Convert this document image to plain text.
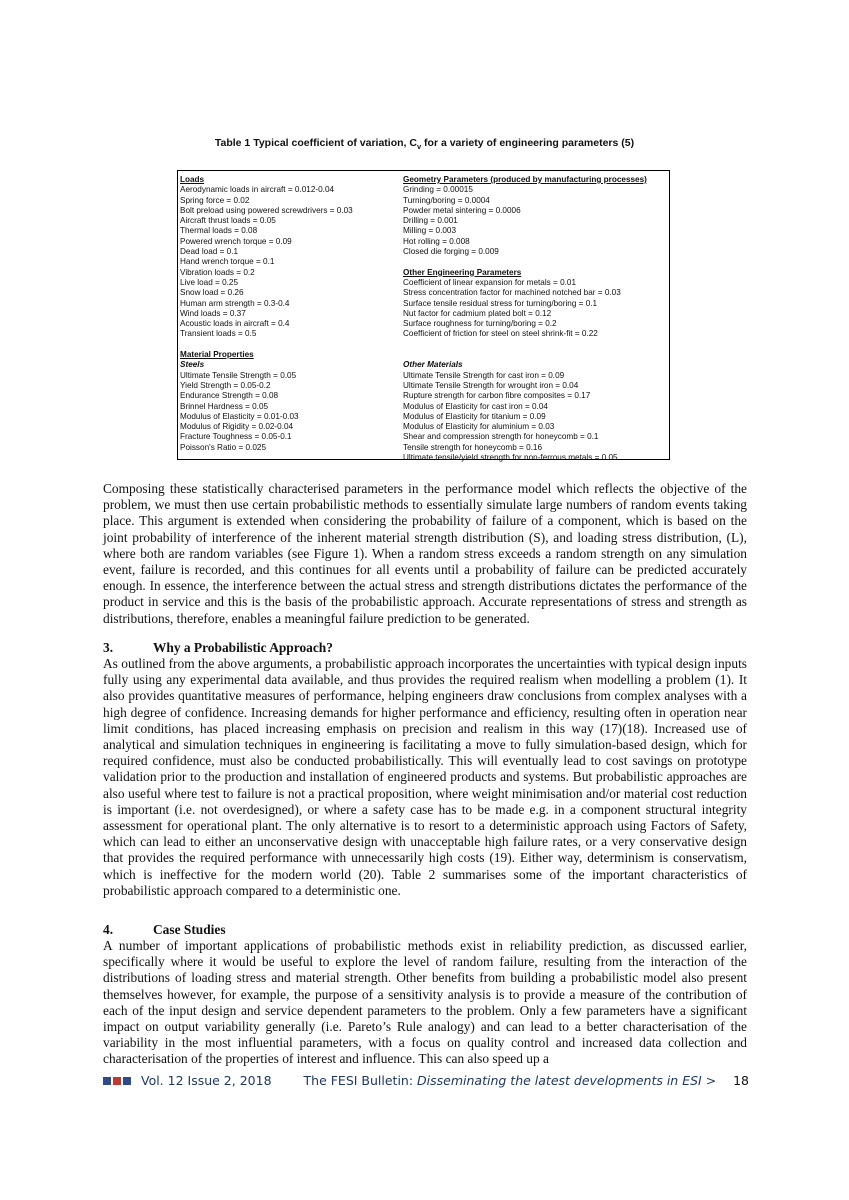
Table 1 Typical coefficient of variation, $C_v$ for a variety of engineering parameters (5)
Loads
Aerodynamic loads in aircraft = 0.012-0.04
Spring force = 0.02
Bolt preload using powered screwdrivers = 0.03
Aircraft thrust loads = 0.05
Thermal loads = 0.08
Powered wrench torque = 0.09
Dead load = 0.1
Hand wrench torque = 0.1
Vibration loads = 0.2
Live load = 0.25
Snow load = 0.26
Human arm strength = 0.3-0.4
Wind loads = 0.37
Acoustic loads in aircraft = 0.4
Transient loads = 0.5
Material Properties
Steels
Ultimate Tensile Strength = 0.05
Yield Strength = 0.05-0.2
Endurance Strength = 0.08
Brinnel Hardness = 0.05
Modulus of Elasticity = 0.01-0.03
Modulus of Rigidity = 0.02-0.04
Fracture Toughness = 0.05-0.1
Poisson's Ratio = 0.025
Geometry Parameters (produced by manufacturing processes)
Grinding = 0.00015
Turning/boring = 0.0004
Powder metal sintering = 0.0006
Drilling = 0.001
Milling = 0.003
Hot rolling = 0.008
Closed die forging = 0.009
Other Engineering Parameters
Coefficient of linear expansion for metals = 0.01
Stress concentration factor for machined notched bar = 0.03
Surface tensile residual stress for turning/boring = 0.1
Nut factor for cadmium plated bolt = 0.12
Surface roughness for turning/boring = 0.2
Coefficient of friction for steel on steel shrink-fit = 0.22
Other Materials
Ultimate Tensile Strength for cast iron = 0.09
Ultimate Tensile Strength for wrought iron = 0.04
Rupture strength for carbon fibre composites = 0.17
Modulus of Elasticity for cast iron = 0.04
Modulus of Elasticity for titanium = 0.09
Modulus of Elasticity for aluminium = 0.03
Shear and compression strength for honeycomb = 0.1
Tensile strength for honeycomb = 0.16
Ultimate tensile/yield strength for non-ferrous metals = 0.05

Composing these statistically characterised parameters in the performance model which reflects the objective of the problem, we must then use certain probabilistic methods to essentially simulate large numbers of random events taking place. This argument is extended when considering the probability of failure of a component, which is based on the joint probability of interference of the inherent material strength distribution (S), and loading stress distribution, (L), where both are random variables (see Figure 1). When a random stress exceeds a random strength on any simulation event, failure is recorded, and this continues for all events until a probability of failure can be predicted accurately enough. In essence, the interference between the actual stress and strength distributions dictates the performance of the product in service and this is the basis of the probabilistic approach. Accurate representations of stress and strength as distributions, therefore, enables a meaningful failure prediction to be generated.

3.	Why a Probabilistic Approach?

As outlined from the above arguments, a probabilistic approach incorporates the uncertainties with typical design inputs fully using any experimental data available, and thus provides the required realism when modelling a problem (1). It also provides quantitative measures of performance, helping engineers draw conclusions from complex analyses with a high degree of confidence. Increasing demands for higher performance and efficiency, resulting often in operation near limit conditions, has placed increasing emphasis on precision and realism in this way (17)(18). Increased use of analytical and simulation techniques in engineering is facilitating a move to fully simulation-based design, which for required confidence, must also be conducted probabilistically. This will eventually lead to cost savings on prototype validation prior to the production and installation of engineered products and systems. But probabilistic approaches are also useful where test to failure is not a practical proposition, where weight minimisation and/or material cost reduction is important (i.e. not overdesigned), or where a safety case has to be made e.g. in a component structural integrity assessment for operational plant. The only alternative is to resort to a deterministic approach using Factors of Safety, which can lead to either an unconservative design with unacceptable high failure rates, or a very conservative design that provides the required performance with unnecessarily high costs (19). Either way, determinism is conservatism, which is ineffective for the modern world (20). Table 2 summarises some of the important characteristics of probabilistic approach compared to a deterministic one.

4.	Case Studies

A number of important applications of probabilistic methods exist in reliability prediction, as discussed earlier, specifically where it would be useful to explore the level of random failure, resulting from the interaction of the distributions of loading stress and material strength. Other benefits from building a probabilistic model also present themselves however, for example, the purpose of a sensitivity analysis is to provide a measure of the contribution of each of the input design and service dependent parameters to the problem. Only a few parameters have a significant impact on output variability generally (i.e. Pareto’s Rule analogy) and can lead to a better characterisation of the variability in the most influential parameters, with a focus on quality control and increased data collection and characterisation of the properties of interest and influence. This can also speed up a

Vol. 12 Issue 2, 2018	The FESI Bulletin: Disseminating the latest developments in ESI > 18
